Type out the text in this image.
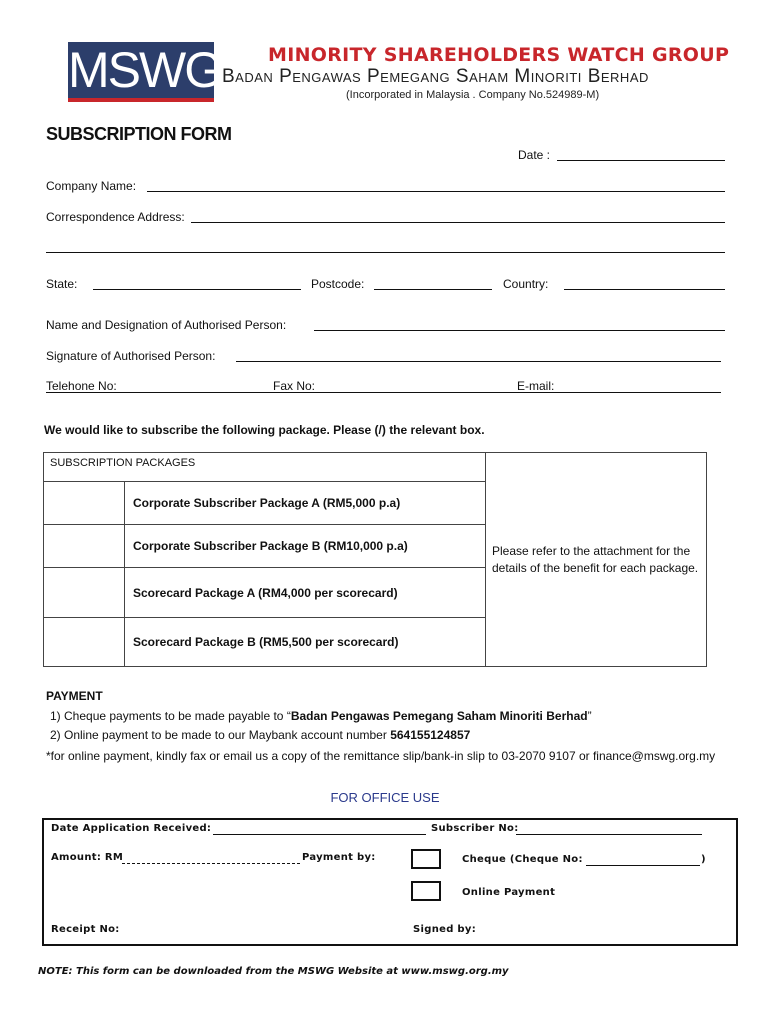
MSWG MINORITY SHAREHOLDERS WATCH GROUP
Badan Pengawas Pemegang Saham Minoriti Berhad
(Incorporated in Malaysia . Company No.524989-M)
SUBSCRIPTION FORM
Date :
Company Name:
Correspondence Address:
State:	Postcode:	Country:
Name and Designation of Authorised Person:
Signature of Authorised Person:
Telehone No:	Fax No:	E-mail:
We would like to subscribe the following package. Please (/) the relevant box.
SUBSCRIPTION PACKAGES		Please refer to the attachment for the details of the benefit for each package.
	Corporate Subscriber Package A (RM5,000 p.a)	
	Corporate Subscriber Package B (RM10,000 p.a)	
	Scorecard Package A (RM4,000 per scorecard)	
	Scorecard Package B (RM5,500 per scorecard)	
PAYMENT
1) Cheque payments to be made payable to “Badan Pengawas Pemegang Saham Minoriti Berhad”
2) Online payment to be made to our Maybank account number 564155124857
*for online payment, kindly fax or email us a copy of the remittance slip/bank-in slip to 03-2070 9107 or finance@mswg.org.my
FOR OFFICE USE
Date Application Received:	Subscriber No:
Amount: RM	Payment by:	Cheque (Cheque No:	)
Online Payment
Receipt No:	Signed by:
NOTE: This form can be downloaded from the MSWG Website at www.mswg.org.my
